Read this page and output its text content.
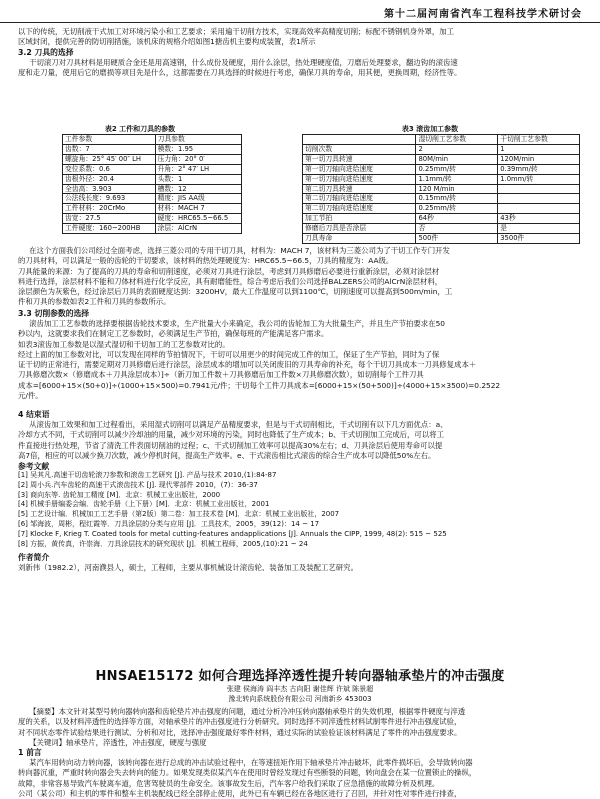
第十二届河南省汽车工程科技学术研讨会

以下的传统，无切削液干式加工对环境污染小和工艺要求；采用遍干切削方技术，实现高效率高精度切削；标配不锈钢机身外罩，加工
区域封闭，提供完善的防切削措施，该机床的规格介绍如图1搪齿机主要构成装置，表1所示

3.2 刀具的选择

干切滚刀对刀具材料是用硬质合金还是用高速钢，什么成份及硬度，用什么涂层，热处理硬度值，刀磨后处理要求，翻边钩的滚齿速
度和走刀量，使用后它的磨损等项目先是什么，这都需要在刀具选择的时候进行考虑，确保刀具的寿命，用其便，更换周期，经济性等。

表2 工件和刀具的参数
工件参数	刀具参数
齿数：7	模数：1.95
螺旋角：25° 45′ 00″ LH	压力角：20° 0′
变位系数：0.6	升角：2° 47′ LH
齿根外径：20.4	头数：1
全齿高：3.903	槽数：12
公法线长度：9.693	精度：JIS AA级
工件材料：20CrMo	材料：MACH 7
齿宽：27.5	硬度：HRC65.5~66.5
工件硬度：160~200HB	涂层：AlCrN
表3 滚齿加工参数
	湿切削工艺参数	干切削工艺参数
切削次数	2	1
第一切刀具转速	80M/min	120M/min
第一切刀轴向进给速度	0.25mm/转	0.39mm/转
第一切刀轴向进给速度	1.1mm/转	1.0mm/转
第二切刀具转速	120 M/min	
第二切刀轴向进给速度	0.15mm/转	
第二切刀轴向进给速度	0.25mm/转	
加工节拍	64秒	43秒
修磨后刀具是否涂层	否	是
刀具寿命	500件	3500件

在这个方面我们公司经过全面考虑，选择三菱公司的专用干切刀具，材料为：MACH 7，该材料为三菱公司为了干切工作专门开发
的刀具材料，可以满足一般的齿轮的干切要求，该材料的热处理硬度为：HRC65.5~66.5，刀具的精度为：AA级。
刀具能量的来源：为了提高的刀具的寿命和切削速度，必须对刀具进行涂层，考虑到刀具修磨后必要进行重新涂层，必须对涂层材
料进行选择，涂层材料不能和刀体材料进行化学反应，具有耐磨能性，综合考虑后我们公司选择BALZERS公司的AlCrN涂层材料，
涂层颜色为灰紫色，经过涂层后刀具的表面硬度达到：3200HV，最大工作温度可以到1100℃，切削速度可以提高到500m/min，工
件和刀具的参数如表2工件和刀具的参数所示。

3.3 切削参数的选择

滚齿加工工艺参数的选择要根据齿轮技术要求，生产批量大小来确定，我公司的齿轮加工为大批量生产，并且生产节拍要求在50
秒以内，这就要求我们在制定工艺参数时，必须满足生产节拍，确保每班的产能满足客户需求。
如表3滚齿加工参数是以湿式湿切和干切加工的工艺参数对比的。
经过上面的加工参数对比，可以发现在同样的节拍情况下，干切可以用更少的时间完成工件的加工，保证了生产节拍，同时为了保
证干切的正常进行，需要定期对刀具修磨后进行涂层，涂层成本的增加可以关闭废旧的刀具寿命的补充，每个干切刀具成本一刀具修复成本＋
刀具修磨次数×（修磨成本＋刀具涂层成本）]÷（新刀加工件数＋刀具修磨后加工件数×刀具修磨次数），如切削每个工件刀具
成本=[6000+15×(50+0)]÷(1000+15×500)=0.7941元/件；干切每个工件刀具成本=[6000+15×(50+500)]÷(4000+15×3500)=0.2522
元/件。

4 结束语

从滚齿加工效果和加工过程看出，采用湿式切削可以满足产品精度要求，但是与干式切削相比，干式切削有以下几方面优点：a、
冷却方式不同，干式切削可以减少冷却油的用量，减少对环境的污染，同时也降低了生产成本；b、干式切削加工完成后，可以将工
件直接进行热处理，节省了清洗工件表面切削油的过程；c、干式切削加工效率可以提高30%左右；d、刀具涂层后使用寿命可以提
高7倍，相应的可以减少换刀次数，减少停机时间，提高生产效率。e、干式滚齿相比式滚齿的综合生产成本可以降低50%左右。

参考文献

[1] 吴其凡.高速干切齿轮滚刀参数和滚齿工艺研究 [J]. 产品与技术 2010,(1):84-87
[2] 周小兵.汽车齿轮的高速干式滚齿技术 [J]. 现代零部件 2010，(7)：36-37
[3] 商向东等. 齿轮加工精度 [M]．北京：机械工业出版社，2000
[4] 机械手册编委会编．齿轮手册（上下册）[M]．北京：机械工业出版社，2001
[5] 工艺设计编．机械加工工艺手册（第2版）第二卷：加工技术卷 [M]．北京：机械工业出版社，2007
[6] 邹海波，周彬，程红霞等．刀具涂层的分类与应用 [J]．工具技术，2005，39(12)：14 ~ 17
[7] Klocke F, Krieg T. Coated tools for metal cutting-features andapplications [J]. Annuals the CIPP, 1999, 48(2): 515 ~ 525
[8] 方振，黄传真，许崇海．刀具涂层技术的研究现状 [J]．机械工程师，2005,(10):21 ~ 24

作者简介

刘新伟（1982.2），河南濮县人，硕士，工程师，主要从事机械设计滚齿轮、装备加工及装配工艺研究。

HNSAE15172 如何合理选择淬透性提升转向器轴承垫片的冲击强度
张建 侯海涛 阎丰杰 古向阳 谢佳辉 许斌 陈景超
豫北转向系统股份有限公司 河南新乡 453003

【摘要】本文针对某型号转向器转向器和齿轮垫片冲击强度的问题，通过分析冷冲压转向器轴承垫片的失效机理，根据零件硬度与淬透
度的关系，以及材料淬透性的选择等方面，对轴承垫片的冲击强度进行分析研究。同时选择不同淬透性材料试制零件进行冲击强度试验，
对不同状态零件试验结果进行测试、分析和对比，选择冲击强度最好零件材料，通过实际的试验验证该材料满足了零件的冲击强度要求。

【关键词】轴承垫片，淬透性，冲击强度，硬度与强度

1 前言

某汽车用转向动力转向器，该转向器在进行总成的冲击试验过程中，在等速扭矩作用下轴承垫片冲击破坏，此零件损坏后，会导致转向器
转向器沉重，严重时转向器会失去转向的能力。如果发现类似某汽车在使用时曾经发现过有些断裂的问题，转向盘会在某一位置锁止的操纵，
故障，非常容易导致汽车驶离车道，危害驾驶员的生命安全。该事故发生后，汽车客户给我们采取了应急措施的故障分析及机理。
公司（某公司）和主机的零件和整车主机装配线已经全部停止使用，此外已有车辆已经在各地区进行了召回，并针对性对零件进行排查，
